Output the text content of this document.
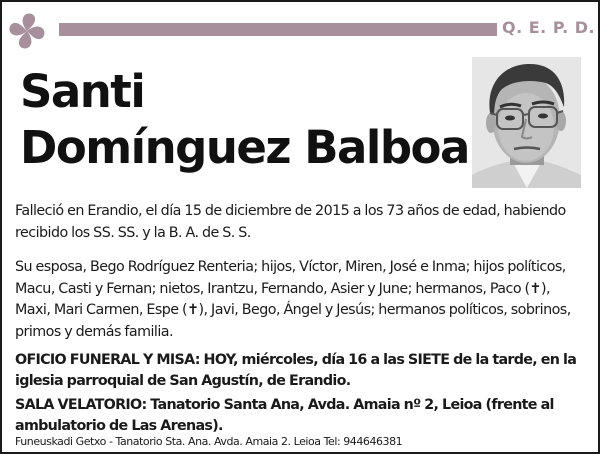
Q. E. P. D.
Santi
Domínguez Balboa

Falleció en Erandio, el día 15 de diciembre de 2015 a los 73 años de edad, habiendo recibido los SS. SS. y la B. A. de S. S.

Su esposa, Bego Rodríguez Renteria; hijos, Víctor, Miren, José e Inma; hijos políticos, Macu, Casti y Fernan; nietos, Irantzu, Fernando, Asier y June; hermanos, Paco (✝), Maxi, Mari Carmen, Espe (✝), Javi, Bego, Ángel y Jesús; hermanos políticos, sobrinos, primos y demás familia.

OFICIO FUNERAL Y MISA: HOY, miércoles, día 16 a las SIETE de la tarde, en la iglesia parroquial de San Agustín, de Erandio.

SALA VELATORIO: Tanatorio Santa Ana, Avda. Amaia nº 2, Leioa (frente al ambulatorio de Las Arenas).

Funeuskadi Getxo - Tanatorio Sta. Ana. Avda. Amaia 2. Leioa Tel: 944646381
